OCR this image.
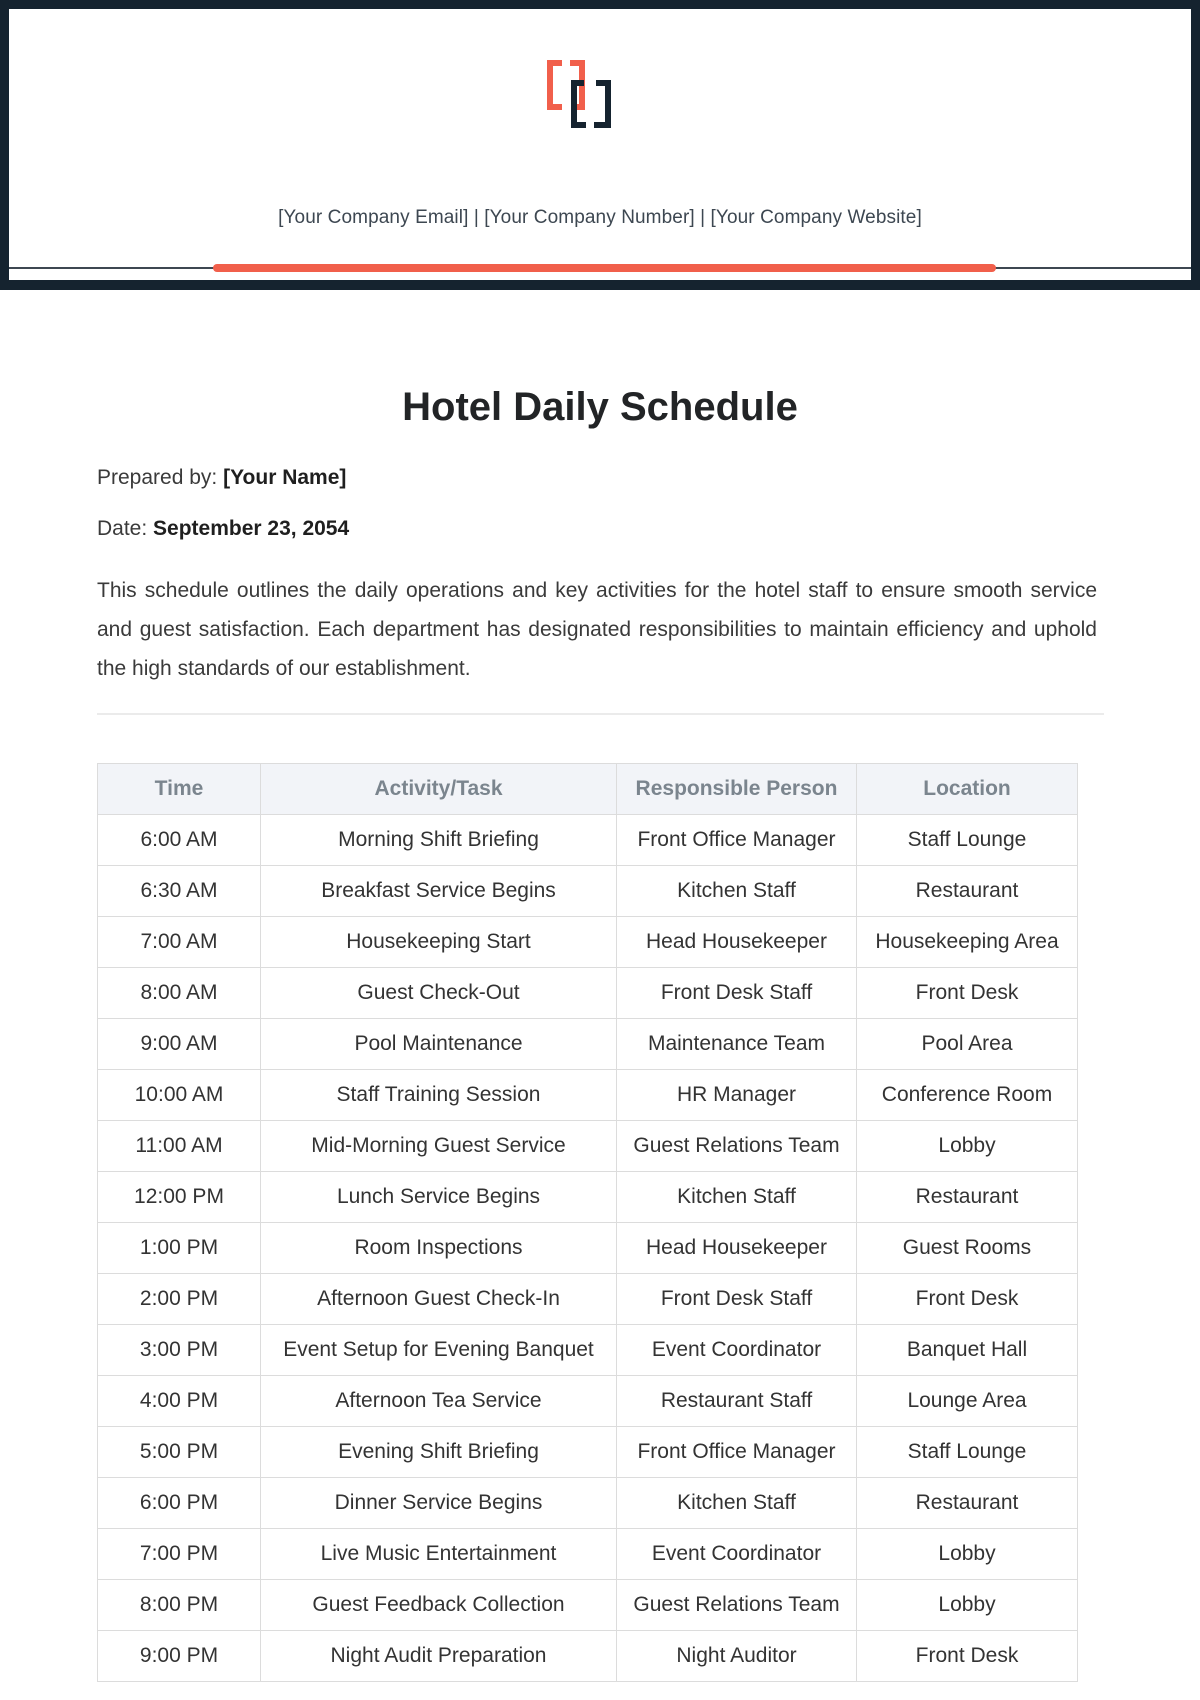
[Your Company Email] | [Your Company Number] | [Your Company Website]
Hotel Daily Schedule
Prepared by: [Your Name]
Date: September 23, 2054

This schedule outlines the daily operations and key activities for the hotel staff to ensure smooth service and guest satisfaction. Each department has designated responsibilities to maintain efficiency and uphold the high standards of our establishment.

Time	Activity/Task	Responsible Person	Location
6:00 AM	Morning Shift Briefing	Front Office Manager	Staff Lounge
6:30 AM	Breakfast Service Begins	Kitchen Staff	Restaurant
7:00 AM	Housekeeping Start	Head Housekeeper	Housekeeping Area
8:00 AM	Guest Check-Out	Front Desk Staff	Front Desk
9:00 AM	Pool Maintenance	Maintenance Team	Pool Area
10:00 AM	Staff Training Session	HR Manager	Conference Room
11:00 AM	Mid-Morning Guest Service	Guest Relations Team	Lobby
12:00 PM	Lunch Service Begins	Kitchen Staff	Restaurant
1:00 PM	Room Inspections	Head Housekeeper	Guest Rooms
2:00 PM	Afternoon Guest Check-In	Front Desk Staff	Front Desk
3:00 PM	Event Setup for Evening Banquet	Event Coordinator	Banquet Hall
4:00 PM	Afternoon Tea Service	Restaurant Staff	Lounge Area
5:00 PM	Evening Shift Briefing	Front Office Manager	Staff Lounge
6:00 PM	Dinner Service Begins	Kitchen Staff	Restaurant
7:00 PM	Live Music Entertainment	Event Coordinator	Lobby
8:00 PM	Guest Feedback Collection	Guest Relations Team	Lobby
9:00 PM	Night Audit Preparation	Night Auditor	Front Desk
